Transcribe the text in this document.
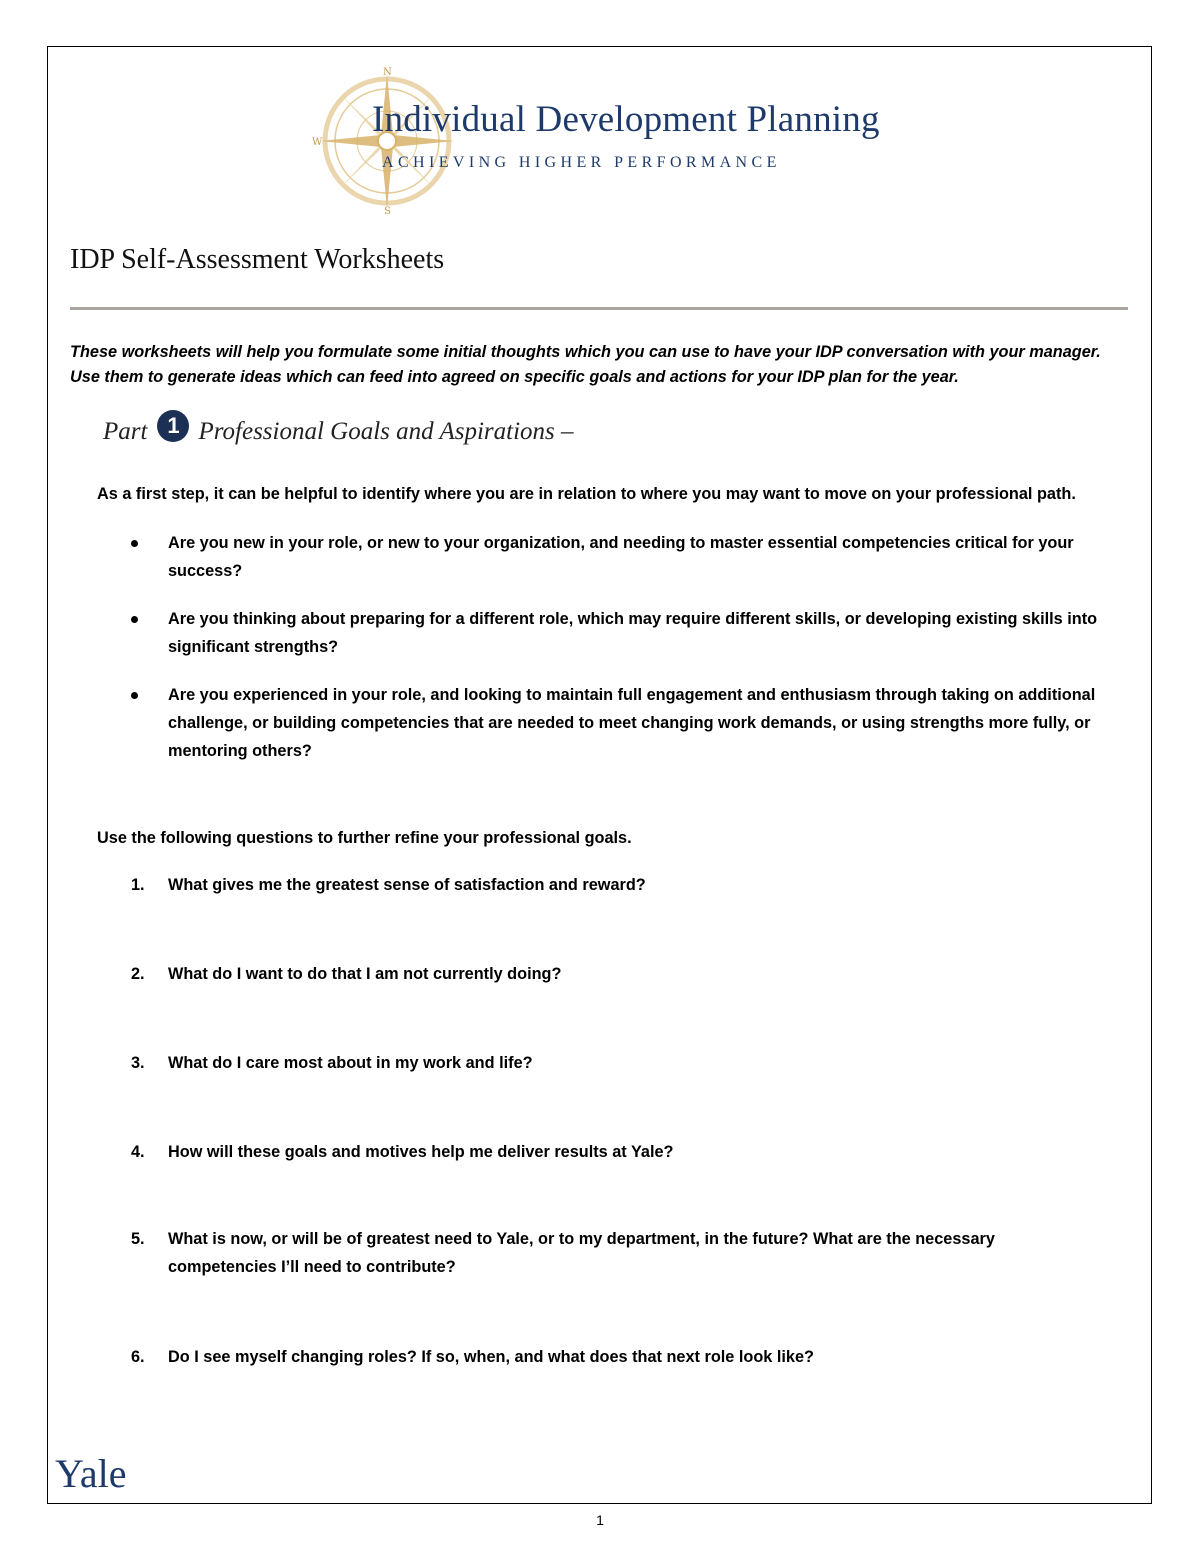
N
S
W
Individual Development Planning
ACHIEVING HIGHER PERFORMANCE
IDP Self-Assessment Worksheets
These worksheets will help you formulate some initial thoughts which you can use to have your IDP conversation with your manager. Use them to generate ideas which can feed into agreed on specific goals and actions for your IDP plan for the year.
Part 1 Professional Goals and Aspirations –
As a first step, it can be helpful to identify where you are in relation to where you may want to move on your professional path.
Are you new in your role, or new to your organization, and needing to master essential competencies critical for your success?
Are you thinking about preparing for a different role, which may require different skills, or developing existing skills into significant strengths?
Are you experienced in your role, and looking to maintain full engagement and enthusiasm through taking on additional challenge, or building competencies that are needed to meet changing work demands, or using strengths more fully, or mentoring others?
Use the following questions to further refine your professional goals.
1.	What gives me the greatest sense of satisfaction and reward?
2.	What do I want to do that I am not currently doing?
3.	What do I care most about in my work and life?
4.	How will these goals and motives help me deliver results at Yale?
5.	What is now, or will be of greatest need to Yale, or to my department, in the future? What are the necessary competencies I’ll need to contribute?
6.	Do I see myself changing roles? If so, when, and what does that next role look like?
Yale
1
